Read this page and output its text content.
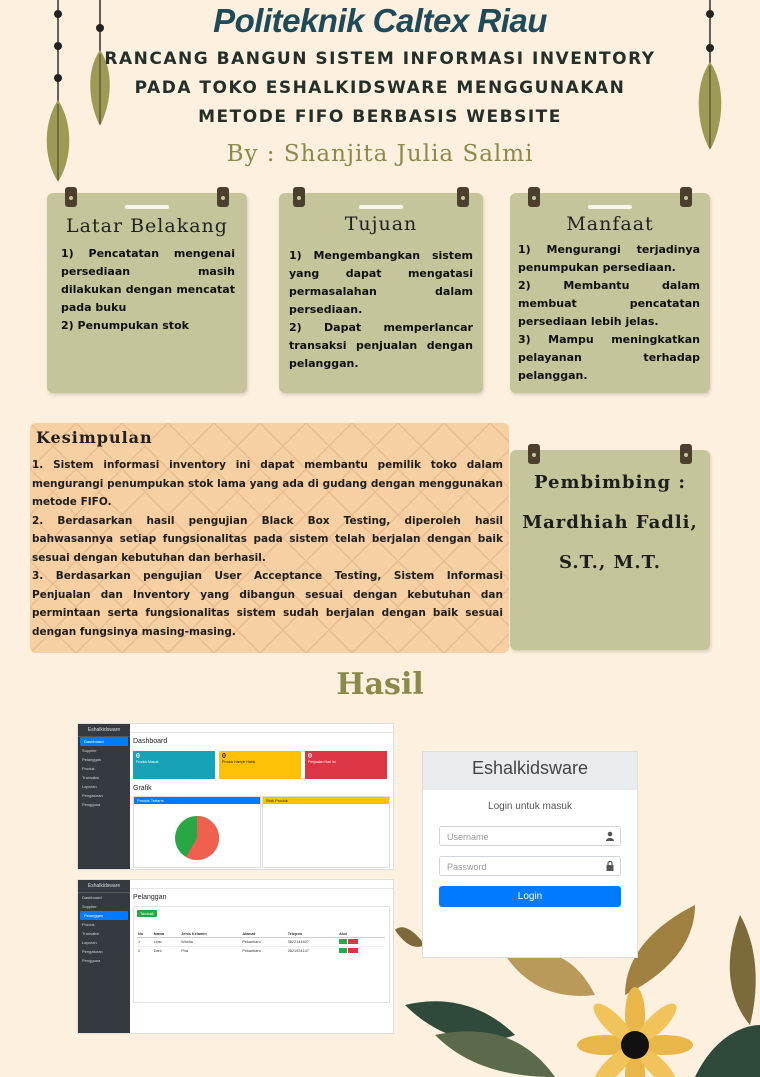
Politeknik Caltex Riau
RANCANG BANGUN SISTEM INFORMASI INVENTORY
PADA TOKO ESHALKIDSWARE MENGGUNAKAN
METODE FIFO BERBASIS WEBSITE
By : Shanjita Julia Salmi
Latar Belakang

1) Pencatatan mengenai persediaan masih dilakukan dengan mencatat pada buku
2) Penumpukan stok

Tujuan

1) Mengembangkan sistem yang dapat mengatasi permasalahan dalam persediaan.
2) Dapat memperlancar transaksi penjualan dengan pelanggan.

Manfaat

1) Mengurangi terjadinya penumpukan persediaan.
2) Membantu dalam membuat pencatatan persediaan lebih jelas.
3) Mampu meningkatkan pelayanan terhadap pelanggan.

Kesimpulan

1. Sistem informasi inventory ini dapat membantu pemilik toko dalam mengurangi penumpukan stok lama yang ada di gudang dengan menggunakan metode FIFO.
2. Berdasarkan hasil pengujian Black Box Testing, diperoleh hasil bahwasannya setiap fungsionalitas pada sistem telah berjalan dengan baik sesuai dengan kebutuhan dan berhasil.
3. Berdasarkan pengujian User Acceptance Testing, Sistem Informasi Penjualan dan Inventory yang dibangun sesuai dengan kebutuhan dan permintaan serta fungsionalitas sistem sudah berjalan dengan baik sesuai dengan fungsinya masing-masing.

Pembimbing :
Mardhiah Fadli,
S.T., M.T.
Hasil
Eshalkidsware
Dashboard
Supplier
Pelanggan
Produk
Transaksi
Laporan
Pengaturan
Pengguna
Dashboard
0
Produk Masuk
0
Produk Hampir Habis
0
Penjualan Hari Ini
Grafik
Produk Terlaris	Stok Produk
Eshalkidsware
Dashboard
Supplier
Pelanggan
Produk
Transaksi
Laporan
Pengaturan
Pengguna
Pelanggan
Tambah
No	Nama	Jenis Kelamin	Alamat	Telepon	Aksi
1	Linsi	Wanita	Pekanbaru	0822144407	
2	Dani	Pria	Pekanbaru	0821924147	
Eshalkidsware
Login untuk masuk
Username
Password
Login
